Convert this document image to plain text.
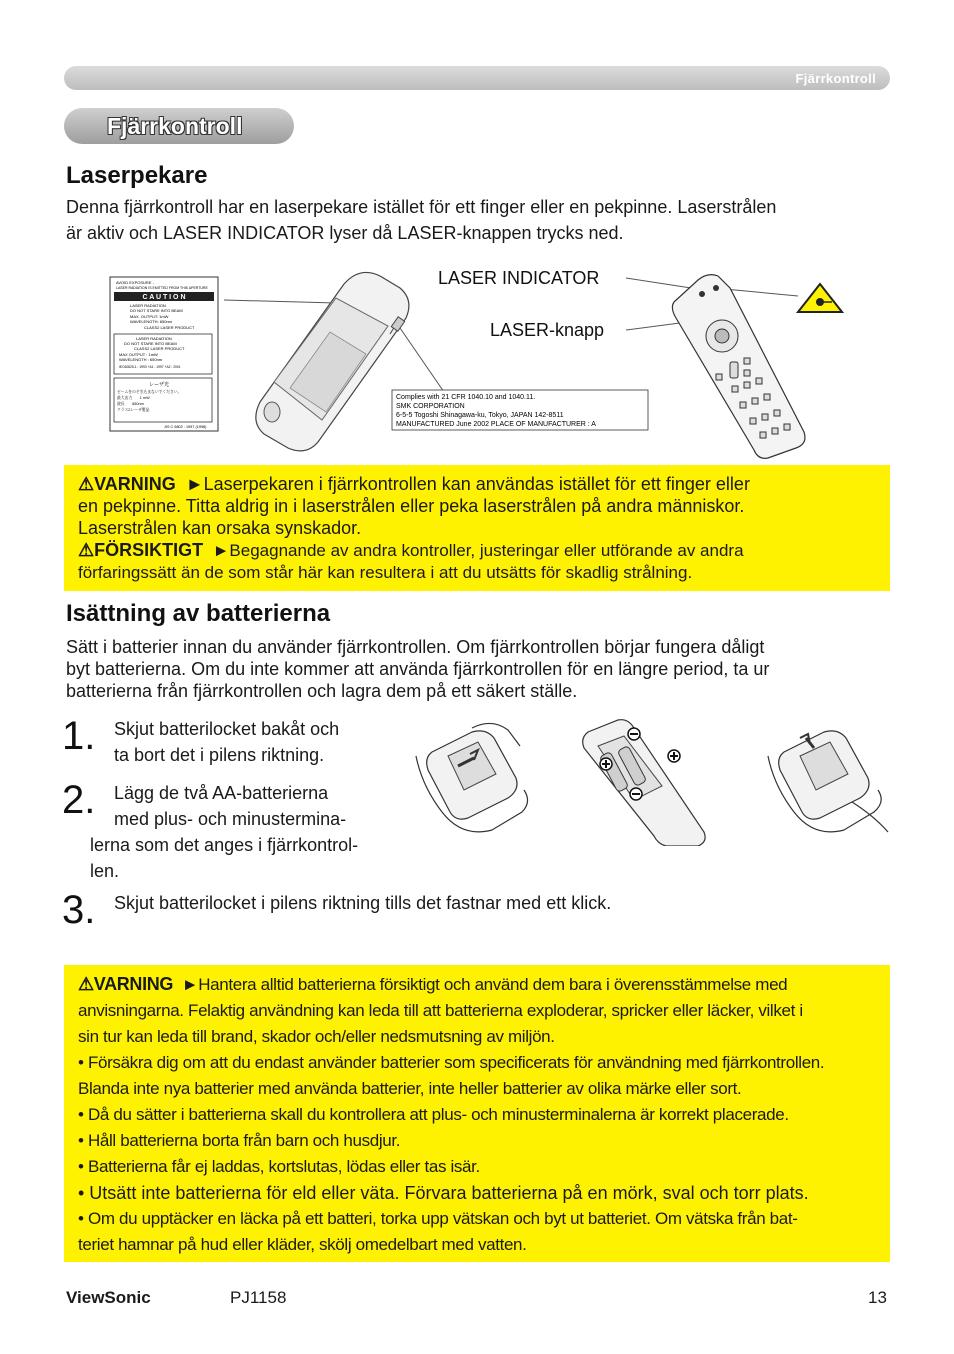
Fjärrkontroll
Fjärrkontroll
Laserpekare
Denna fjärrkontroll har en laserpekare istället för ett finger eller en pekpinne. Laserstrålen
är aktiv och LASER INDICATOR lyser då LASER-knappen trycks ned.
AVOID EXPOSURE -
LASER RADIATION IS EMITTED FROM THIS APERTURE
C A U T I O N
LASER RADIATION
DO NOT STARE INTO BEAM
MAX. OUTPUT: 1mW
WAVELENGTH: 650nm
CLASS2 LASER PRODUCT
LASER RADIATION
DO NOT STARE INTO BEAM
CLASS2 LASER PRODUCT
MAX OUTPUT : 1mW
WAVELENGTH : 650nm
IEC60825-1 : 1993 +A1 : 1997 +A2 : 2001
レーザ光
ビームをのぞき込まないでください。
最大出力　　1 mW
波長　　650nm
クラス2レーザ製品
JIS C 6802 : 1997 (1998)
Complies with 21 CFR 1040.10 and 1040.11.
SMK CORPORATION
6-5-5 Togoshi Shinagawa-ku, Tokyo, JAPAN 142-8511
MANUFACTURED June 2002 PLACE OF MANUFACTURER : A
LASER INDICATOR
LASER-knapp
⚠VARNING ►Laserpekaren i fjärrkontrollen kan användas istället för ett finger eller
en pekpinne. Titta aldrig in i laserstrålen eller peka laserstrålen på andra människor.
Laserstrålen kan orsaka synskador.
⚠FÖRSIKTIGT ►Begagnande av andra kontroller, justeringar eller utförande av andra
förfaringssätt än de som står här kan resultera i att du utsätts för skadlig strålning.
Isättning av batterierna
Sätt i batterier innan du använder fjärrkontrollen. Om fjärrkontrollen börjar fungera dåligt
byt batterierna. Om du inte kommer att använda fjärrkontrollen för en längre period, ta ur
batterierna från fjärrkontrollen och lagra dem på ett säkert ställe.
1. Skjut batterilocket bakåt och
ta bort det i pilens riktning.
2. Lägg de två AA-batterierna
med plus- och minusterminа-
lerna som det anges i fjärrkontrol-
len.
3. Skjut batterilocket i pilens riktning tills det fastnar med ett klick.
⚠VARNING ►Hantera alltid batterierna försiktigt och använd dem bara i överensstämmelse med
anvisningarna. Felaktig användning kan leda till att batterierna exploderar, spricker eller läcker, vilket i
sin tur kan leda till brand, skador och/eller nedsmutsning av miljön.
• Försäkra dig om att du endast använder batterier som specificerats för användning med fjärrkontrollen.
Blanda inte nya batterier med använda batterier, inte heller batterier av olika märke eller sort.
• Då du sätter i batterierna skall du kontrollera att plus- och minusterminalerna är korrekt placerade.
• Håll batterierna borta från barn och husdjur.
• Batterierna får ej laddas, kortslutas, lödas eller tas isär.
• Utsätt inte batterierna för eld eller väta. Förvara batterierna på en mörk, sval och torr plats.
• Om du upptäcker en läcka på ett batteri, torka upp vätskan och byt ut batteriet. Om vätska från bat-
teriet hamnar på hud eller kläder, skölj omedelbart med vatten.
ViewSonic	PJ1158	13
